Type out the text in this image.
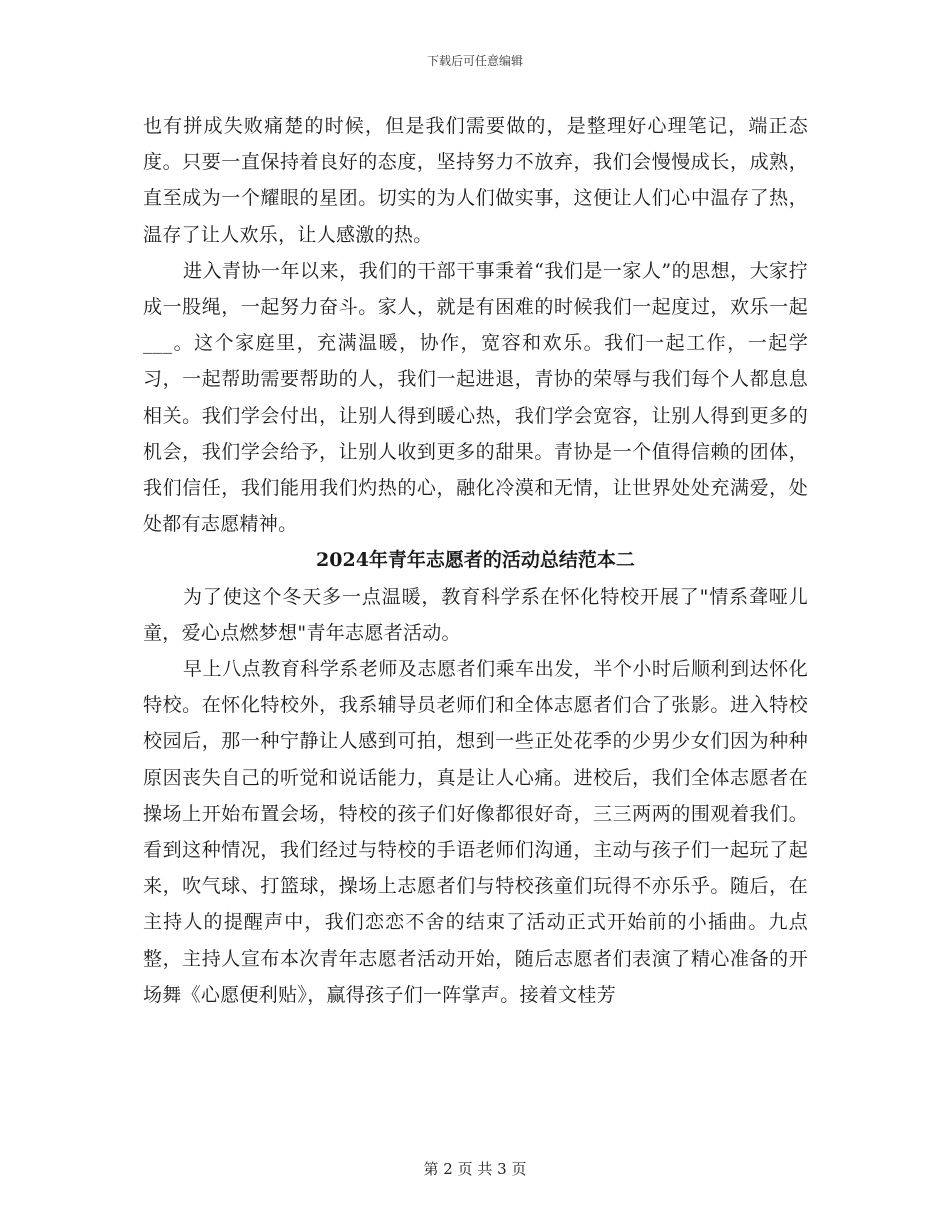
下载后可任意编辑

也有拼成失败痛楚的时候，但是我们需要做的，是整理好心理笔记，端正态度。只要一直保持着良好的态度，坚持努力不放弃，我们会慢慢成长，成熟，直至成为一个耀眼的星团。切实的为人们做实事，这便让人们心中温存了热，温存了让人欢乐，让人感激的热。

进入青协一年以来，我们的干部干事秉着“我们是一家人”的思想，大家拧成一股绳，一起努力奋斗。家人，就是有困难的时候我们一起度过，欢乐一起___。这个家庭里，充满温暖，协作，宽容和欢乐。我们一起工作，一起学习，一起帮助需要帮助的人，我们一起进退，青协的荣辱与我们每个人都息息相关。我们学会付出，让别人得到暖心热，我们学会宽容，让别人得到更多的机会，我们学会给予，让别人收到更多的甜果。青协是一个值得信赖的团体，我们信任，我们能用我们灼热的心，融化冷漠和无情，让世界处处充满爱，处处都有志愿精神。

2024年青年志愿者的活动总结范本二

为了使这个冬天多一点温暖，教育科学系在怀化特校开展了"情系聋哑儿童，爱心点燃梦想"青年志愿者活动。

早上八点教育科学系老师及志愿者们乘车出发，半个小时后顺利到达怀化特校。在怀化特校外，我系辅导员老师们和全体志愿者们合了张影。进入特校校园后，那一种宁静让人感到可拍，想到一些正处花季的少男少女们因为种种原因丧失自己的听觉和说话能力，真是让人心痛。进校后，我们全体志愿者在操场上开始布置会场，特校的孩子们好像都很好奇，三三两两的围观着我们。看到这种情况，我们经过与特校的手语老师们沟通，主动与孩子们一起玩了起来，吹气球、打篮球，操场上志愿者们与特校孩童们玩得不亦乐乎。随后，在主持人的提醒声中，我们恋恋不舍的结束了活动正式开始前的小插曲。九点整，主持人宣布本次青年志愿者活动开始，随后志愿者们表演了精心准备的开场舞《心愿便利贴》，赢得孩子们一阵掌声。接着文桂芳

第 2 页 共 3 页
